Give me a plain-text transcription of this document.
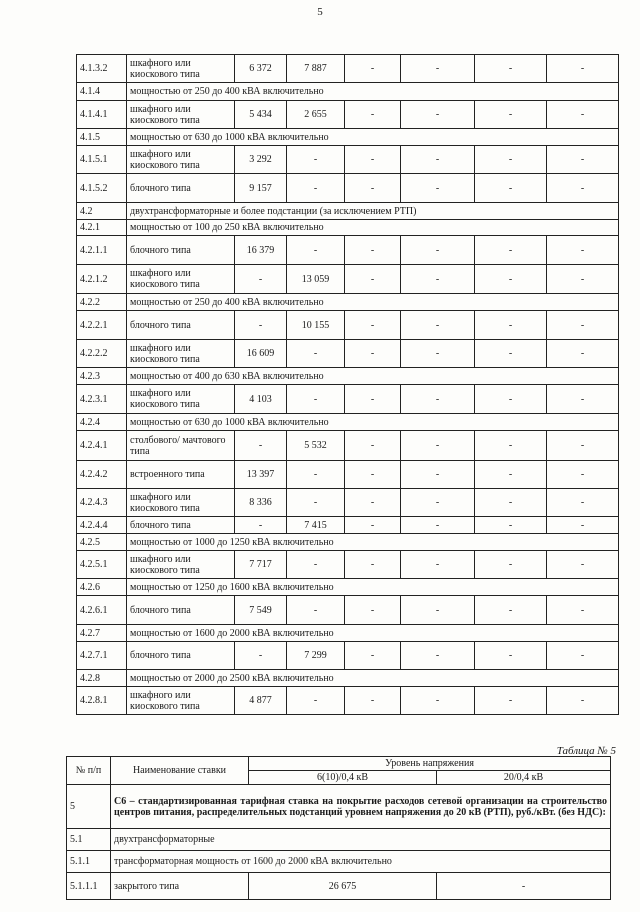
5
4.1.3.2	шкафного или киоскового типа	6 372	7 887	-	-	-	-
4.1.4	мощностью от 250 до 400 кВА включительно						
4.1.4.1	шкафного или киоскового типа	5 434	2 655	-	-	-	-
4.1.5	мощностью от 630 до 1000 кВА включительно						
4.1.5.1	шкафного или киоскового типа	3 292	-	-	-	-	-
4.1.5.2	блочного типа	9 157	-	-	-	-	-
4.2	двухтрансформаторные и более подстанции (за исключением РТП)						
4.2.1	мощностью от 100 до 250 кВА включительно						
4.2.1.1	блочного типа	16 379	-	-	-	-	-
4.2.1.2	шкафного или киоскового типа	-	13 059	-	-	-	-
4.2.2	мощностью от 250 до 400 кВА включительно						
4.2.2.1	блочного типа	-	10 155	-	-	-	-
4.2.2.2	шкафного или киоскового типа	16 609	-	-	-	-	-
4.2.3	мощностью от 400 до 630 кВА включительно						
4.2.3.1	шкафного или киоскового типа	4 103	-	-	-	-	-
4.2.4	мощностью от 630 до 1000 кВА включительно						
4.2.4.1	столбового/ мачтового типа	-	5 532	-	-	-	-
4.2.4.2	встроенного типа	13 397	-	-	-	-	-
4.2.4.3	шкафного или киоскового типа	8 336	-	-	-	-	-
4.2.4.4	блочного типа	-	7 415	-	-	-	-
4.2.5	мощностью от 1000 до 1250 кВА включительно						
4.2.5.1	шкафного или киоскового типа	7 717	-	-	-	-	-
4.2.6	мощностью от 1250 до 1600 кВА включительно						
4.2.6.1	блочного типа	7 549	-	-	-	-	-
4.2.7	мощностью от 1600 до 2000 кВА включительно						
4.2.7.1	блочного типа	-	7 299	-	-	-	-
4.2.8	мощностью от 2000 до 2500 кВА включительно						
4.2.8.1	шкафного или киоскового типа	4 877	-	-	-	-	-
Таблица № 5
№ п/п	Наименование ставки	Уровень напряжения	
		6(10)/0,4 кВ	20/0,4 кВ
5	С6 – стандартизированная тарифная ставка на покрытие расходов сетевой организации на строительство центров питания, распределительных подстанций уровнем напряжения до 20 кВ (РТП), руб./кВт. (без НДС):		
5.1	двухтрансформаторные		
5.1.1	трансформаторная мощность от 1600 до 2000 кВА включительно		
5.1.1.1	закрытого типа	26 675	-
